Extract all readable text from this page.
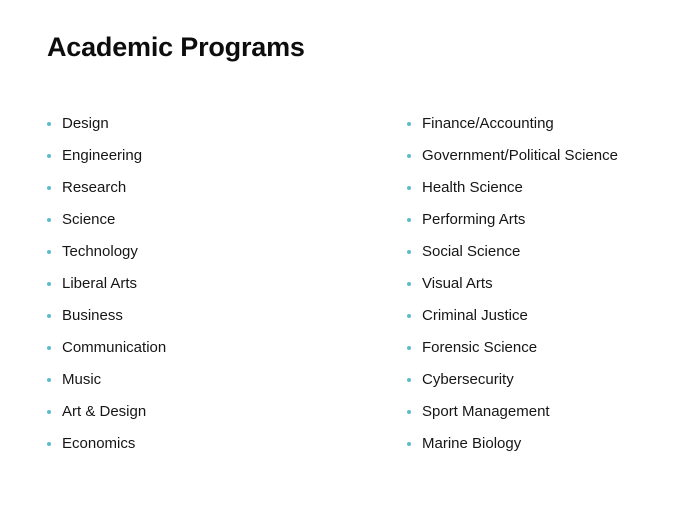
Academic Programs
Design
Engineering
Research
Science
Technology
Liberal Arts
Business
Communication
Music
Art & Design
Economics
Finance/Accounting
Government/Political Science
Health Science
Performing Arts
Social Science
Visual Arts
Criminal Justice
Forensic Science
Cybersecurity
Sport Management
Marine Biology
